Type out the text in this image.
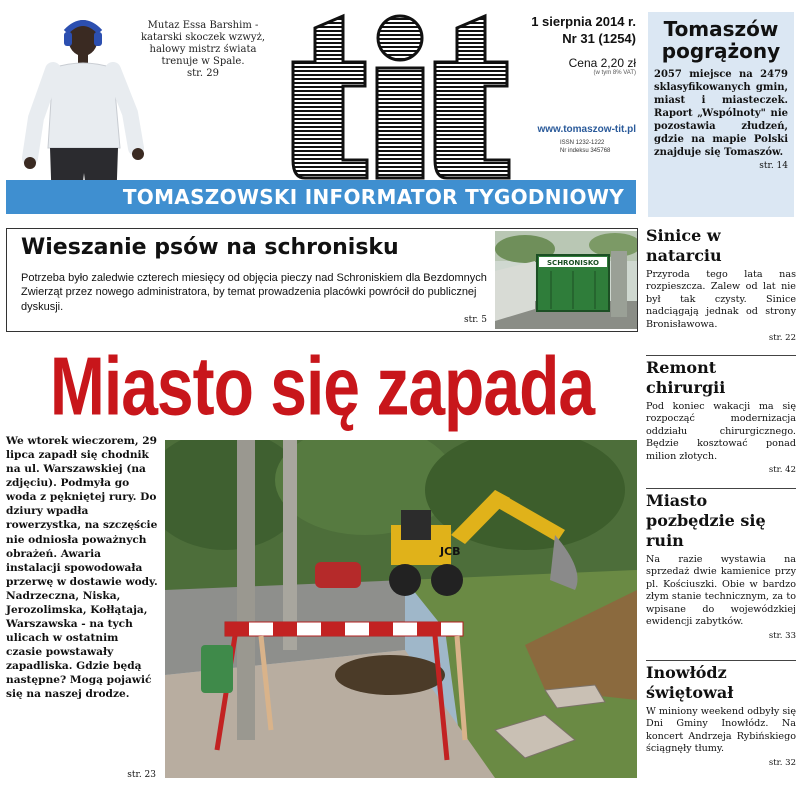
Mutaz Essa Barshim - katarski skoczek wzwyż, halowy mistrz świata trenuje w Spale.
str. 29
1 sierpnia 2014 r.
Nr 31 (1254)
Cena 2,20 zł
(w tym 8% VAT)
www.tomaszow-tit.pl
ISSN 1232-1222
Nr indeksu 345768
TOMASZOWSKI INFORMATOR TYGODNIOWY
Tomaszów pogrążony
2057 miejsce na 2479 sklasyfikowanych gmin, miast i miasteczek. Raport „Wspólnoty" nie pozostawia złudzeń, gdzie na mapie Polski znajduje się Tomaszów.
str. 14
Wieszanie psów na schronisku
Potrzeba było zaledwie czterech miesięcy od objęcia pieczy nad Schroniskiem dla Bezdomnych Zwierząt przez nowego administratora, by temat prowadzenia placówki powrócił do publicznej dyskusji.
str. 5
SCHRONISKO
Miasto się zapada
We wtorek wieczorem, 29 lipca zapadł się chodnik na ul. Warszawskiej (na zdjęciu). Podmyła go woda z pękniętej rury. Do dziury wpadła rowerzystka, na szczęście nie odniosła poważnych obrażeń. Awaria instalacji spowodowała przerwę w dostawie wody. Nadrzeczna, Niska, Jerozolimska, Kołłątaja, Warszawska - na tych ulicach w ostatnim czasie powstawały zapadliska. Gdzie będą następne? Mogą pojawić się na naszej drodze.
str. 23
JCB
Sinice w natarciu
Przyroda tego lata nas rozpieszcza. Zalew od lat nie był tak czysty. Sinice nadciągają jednak od strony Bronisławowa.
str. 22
Remont chirurgii
Pod koniec wakacji ma się rozpocząć modernizacja oddziału chirurgicznego. Będzie kosztować ponad milion złotych.
str. 42
Miasto pozbędzie się ruin
Na razie wystawia na sprzedaż dwie kamienice przy pl. Kościuszki. Obie w bardzo złym stanie technicznym, za to wpisane do wojewódzkiej ewidencji zabytków.
str. 33
Inowłódz świętował
W miniony weekend odbyły się Dni Gminy Inowłódz. Na koncert Andrzeja Rybińskiego ściągnęły tłumy.
str. 32
